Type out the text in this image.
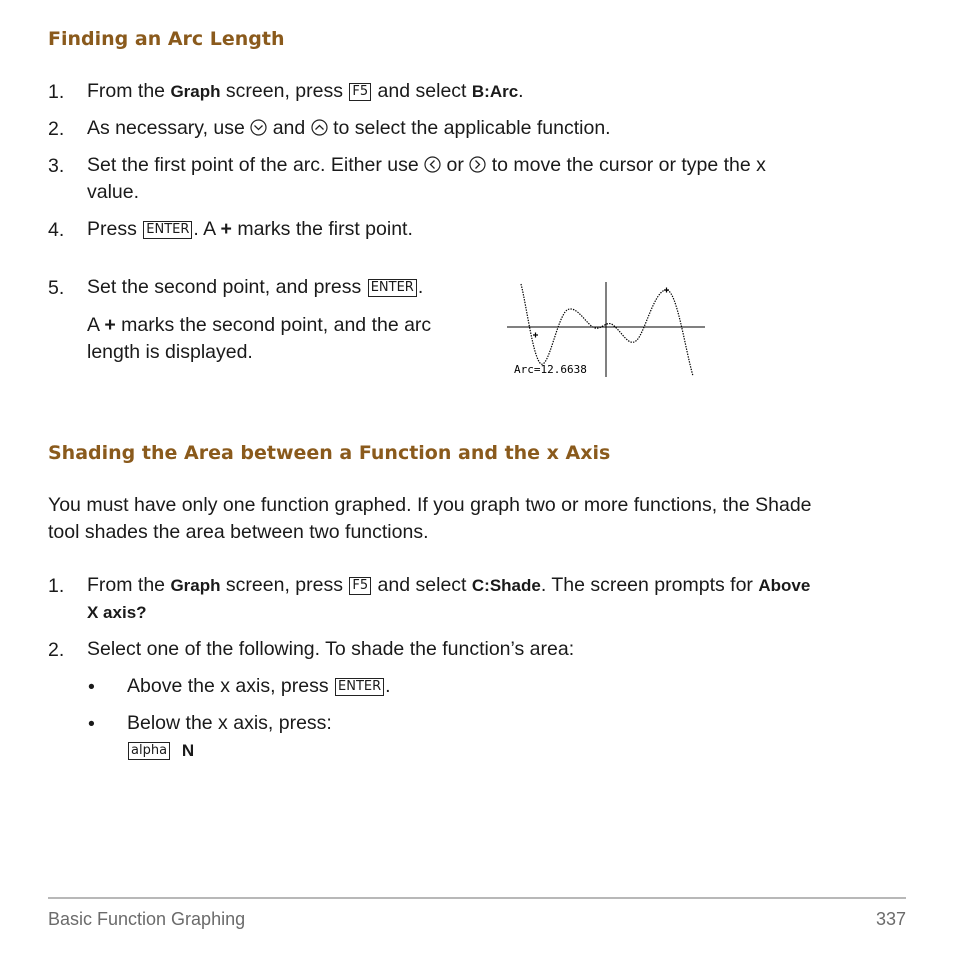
Finding an Arc Length
1. From the Graph screen, press F5 and select B:Arc.
2. As necessary, use  and  to select the applicable function.
3. Set the first point of the arc. Either use  or  to move the cursor or type the x
value.
4. Press ENTER . A + marks the first point.
5. Set the second point, and press ENTER .
A + marks the second point, and the arc
length is displayed.
Arc=12.6638
Shading the Area between a Function and the x Axis
You must have only one function graphed. If you graph two or more functions, the Shade
tool shades the area between two functions.
1. From the Graph screen, press F5 and select C:Shade. The screen prompts for Above
X axis?
2. Select one of the following. To shade the function’s area:
• Above the x axis, press ENTER .
• Below the x axis, press:
alpha N
Basic Function Graphing	337
